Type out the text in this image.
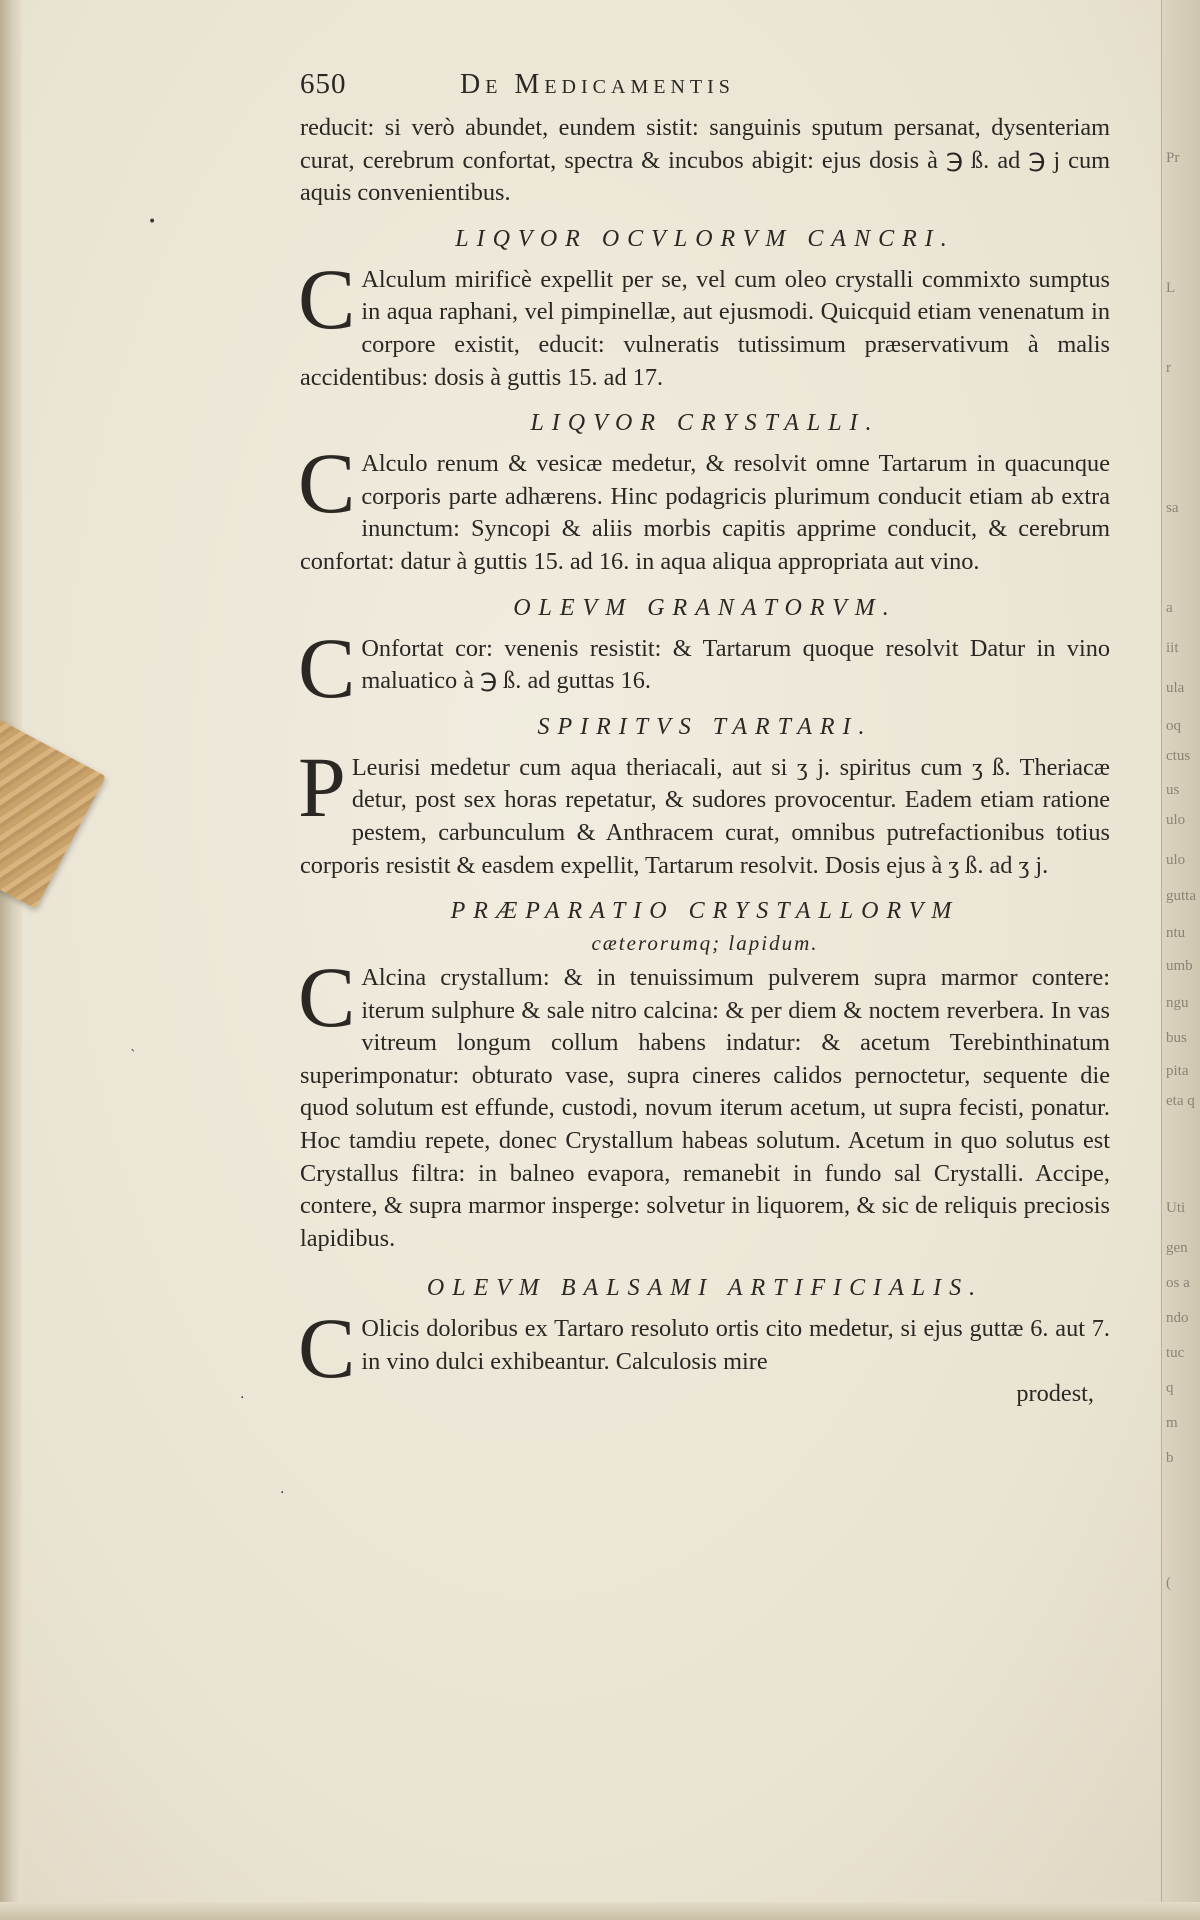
Pr
L
r
sa
a
iit
ula
oq
ctus
us
ulo
ulo
gutta
ntu
umb
ngu
bus
pita
eta q
Uti
gen
os a
ndo
tuc
q
m
b
(
•
·
·
`
650	De Medicamentis

reducit: si verò abundet, eundem sistit: sanguinis sputum persanat, dysenteriam curat, cerebrum confortat, spectra & incubos abigit: ejus dosis à ℈ ß. ad ℈ j cum aquis convenientibus.

LIQVOR OCVLORVM CANCRI.

C Alculum mirificè expellit per se, vel cum oleo crystalli commixto sumptus in aqua raphani, vel pimpinellæ, aut ejusmodi. Quicquid etiam venenatum in corpore existit, educit: vulneratis tutissimum præservativum à malis accidentibus: dosis à guttis 15. ad 17.

LIQVOR CRYSTALLI.

C Alculo renum & vesicæ medetur, & resolvit omne Tartarum in quacunque corporis parte adhærens. Hinc podagricis plurimum conducit etiam ab extra inunctum: Syncopi & aliis morbis capitis apprime conducit, & cerebrum confortat: datur à guttis 15. ad 16. in aqua aliqua appropriata aut vino.

OLEVM GRANATORVM.

C Onfortat cor: venenis resistit: & Tartarum quoque resolvit Datur in vino maluatico à ℈ ß. ad guttas 16.

SPIRITVS TARTARI.

P Leurisi medetur cum aqua theriacali, aut si ʒ j. spiritus cum ʒ ß. Theriacæ detur, post sex horas repetatur, & sudores provocentur. Eadem etiam ratione pestem, carbunculum & Anthracem curat, omnibus putrefactionibus totius corporis resistit & easdem expellit, Tartarum resolvit. Dosis ejus à ʒ ß. ad ʒ j.

PRÆPARATIO CRYSTALLORVM
cæterorumq; lapidum.

C Alcina crystallum: & in tenuissimum pulverem supra marmor contere: iterum sulphure & sale nitro calcina: & per diem & noctem reverbera. In vas vitreum longum collum habens indatur: & acetum Terebinthinatum superimponatur: obturato vase, supra cineres calidos pernoctetur, sequente die quod solutum est effunde, custodi, novum iterum acetum, ut supra fecisti, ponatur. Hoc tamdiu repete, donec Crystallum habeas solutum. Acetum in quo solutus est Crystallus filtra: in balneo evapora, remanebit in fundo sal Crystalli. Accipe, contere, & supra marmor insperge: solvetur in liquorem, & sic de reliquis preciosis lapidibus.

OLEVM BALSAMI ARTIFICIALIS.

C Olicis doloribus ex Tartaro resoluto ortis cito medetur, si ejus guttæ 6. aut 7. in vino dulci exhibeantur. Calculosis mire

prodest,
